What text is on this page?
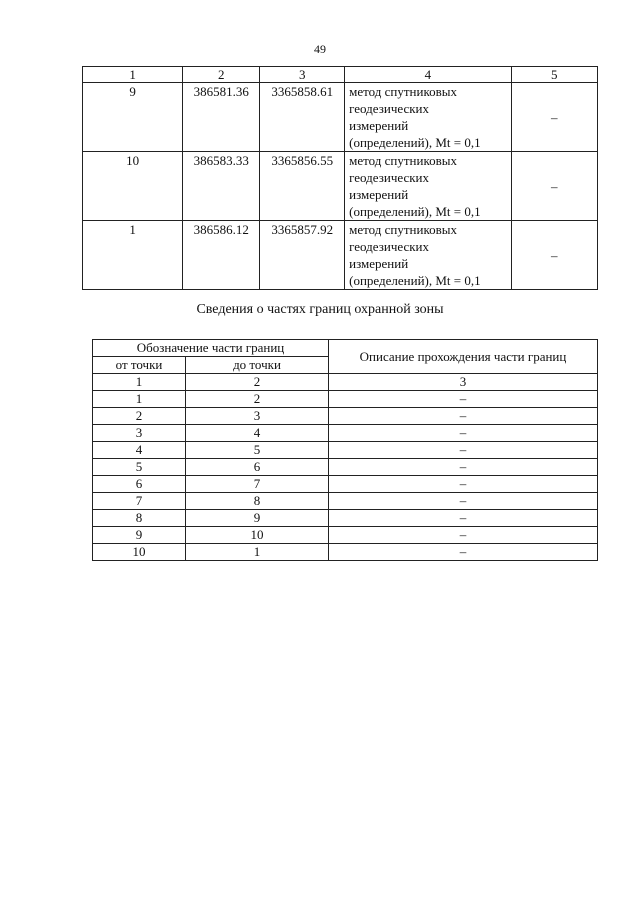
49
1	2	3	4	5
9	386581.36	3365858.61	метод спутниковых
геодезических
измерений
(определений), Mt = 0,1	–
10	386583.33	3365856.55	метод спутниковых
геодезических
измерений
(определений), Mt = 0,1	–
1	386586.12	3365857.92	метод спутниковых
геодезических
измерений
(определений), Mt = 0,1	–
Сведения о частях границ охранной зоны
Обозначение части границ		Описание прохождения части границ
от точки	до точки	
1	2	3
1	2	–
2	3	–
3	4	–
4	5	–
5	6	–
6	7	–
7	8	–
8	9	–
9	10	–
10	1	–
